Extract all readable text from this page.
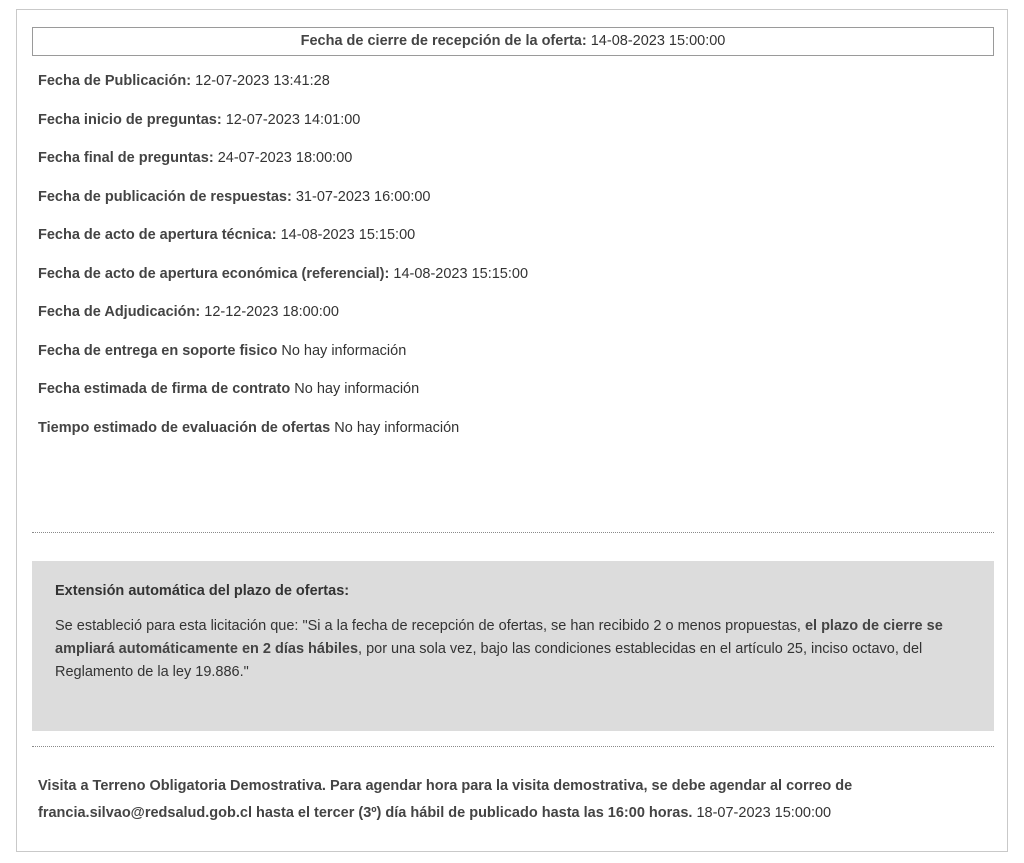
Fecha de cierre de recepción de la oferta: 14-08-2023 15:00:00
Fecha de Publicación: 12-07-2023 13:41:28
Fecha inicio de preguntas: 12-07-2023 14:01:00
Fecha final de preguntas: 24-07-2023 18:00:00
Fecha de publicación de respuestas: 31-07-2023 16:00:00
Fecha de acto de apertura técnica: 14-08-2023 15:15:00
Fecha de acto de apertura económica (referencial): 14-08-2023 15:15:00
Fecha de Adjudicación: 12-12-2023 18:00:00
Fecha de entrega en soporte fisico No hay información
Fecha estimada de firma de contrato No hay información
Tiempo estimado de evaluación de ofertas No hay información
Extensión automática del plazo de ofertas:
Se estableció para esta licitación que: "Si a la fecha de recepción de ofertas, se han recibido 2 o menos propuestas, el plazo de cierre se ampliará automáticamente en 2 días hábiles, por una sola vez, bajo las condiciones establecidas en el artículo 25, inciso octavo, del Reglamento de la ley 19.886."
Visita a Terreno Obligatoria Demostrativa. Para agendar hora para la visita demostrativa, se debe agendar al correo de francia.silvao@redsalud.gob.cl hasta el tercer (3º) día hábil de publicado hasta las 16:00 horas. 18-07-2023 15:00:00
